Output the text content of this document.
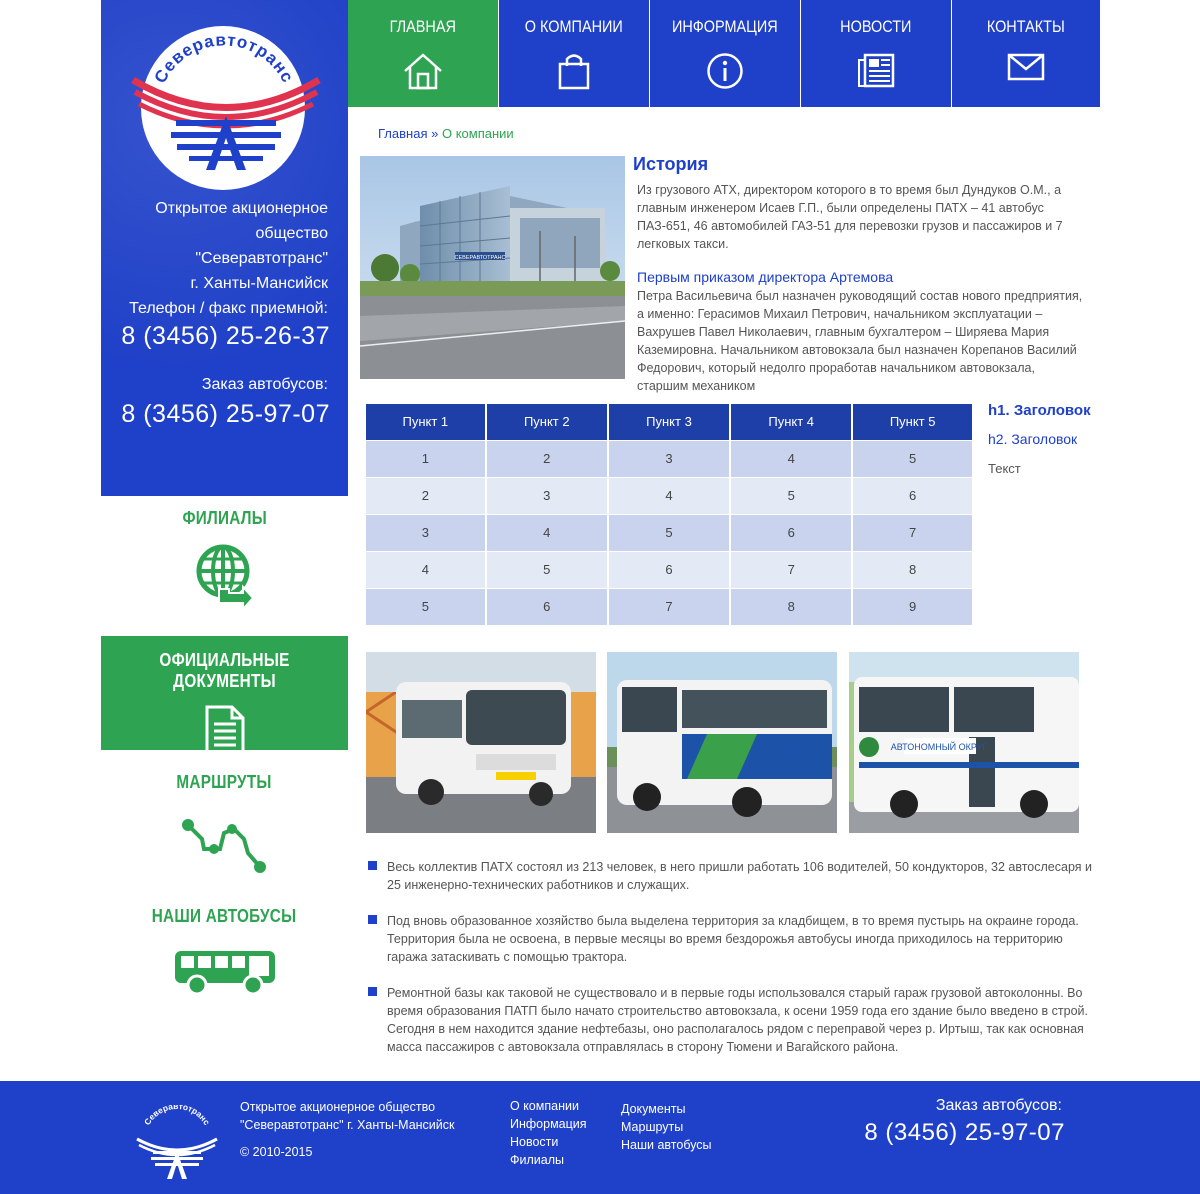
Северавтотранс
Открытое акционерное общество
"Северавтотранс"
г. Ханты-Мансийск
Телефон / факс приемной:
8 (3456) 25-26-37
Заказ автобусов:
8 (3456) 25-97-07
ФИЛИАЛЫ
ОФИЦИАЛЬНЫЕ ДОКУМЕНТЫ
МАРШРУТЫ
НАШИ АВТОБУСЫ
ГЛАВНАЯ	О КОМПАНИИ	ИНФОРМАЦИЯ	НОВОСТИ	КОНТАКТЫ
Главная » О компании
СЕВЕРАВТОТРАНС
История
Из грузового АТХ, директором которого в то время был Дундуков О.М., а главным инженером Исаев Г.П., были определены ПАТХ – 41 автобус ПАЗ-651, 46 автомобилей ГАЗ-51 для перевозки грузов и пассажиров и 7 легковых такси.
Первым приказом директора Артемова
Петра Васильевича был назначен руководящий состав нового предприятия, а именно: Герасимов Михаил Петрович, начальником эксплуатации – Вахрушев Павел Николаевич, главным бухгалтером – Ширяева Мария Каземировна. Начальником автовокзала был назначен Корепанов Василий Федорович, который недолго проработав начальником автовокзала, старшим механиком
Пункт 1	Пункт 2	Пункт 3	Пункт 4	Пункт 5
1	2	3	4	5
2	3	4	5	6
3	4	5	6	7
4	5	6	7	8
5	6	7	8	9
h1. Заголовок
h2. Заголовок
Текст
ЮГРА	АВТОНОМНЫЙ ОКРУГ
Весь коллектив ПАТХ состоял из 213 человек, в него пришли работать 106 водителей, 50 кондукторов, 32 автослесаря и 25 инженерно-технических работников и служащих.
Под вновь образованное хозяйство была выделена территория за кладбищем, в то время пустырь на окраине города. Территория была не освоена, в первые месяцы во время бездорожья автобусы иногда приходилось на территорию гаража затаскивать с помощью трактора.
Ремонтной базы как таковой не существовало и в первые годы использовался старый гараж грузовой автоколонны. Во время образования ПАТП было начато строительство автовокзала, к осени 1959 года его здание было введено в строй. Сегодня в нем находится здание нефтебазы, оно располагалось рядом с переправой через р. Иртыш, так как основная масса пассажиров с автовокзала отправлялась в сторону Тюмени и Вагайского района.
Северавтотранс
Открытое акционерное общество
"Северавтотранс" г. Ханты-Мансийск
© 2010-2015
О компании
Информация
Новости
Филиалы
Документы
Маршруты
Наши автобусы
Заказ автобусов:
8 (3456) 25-97-07
